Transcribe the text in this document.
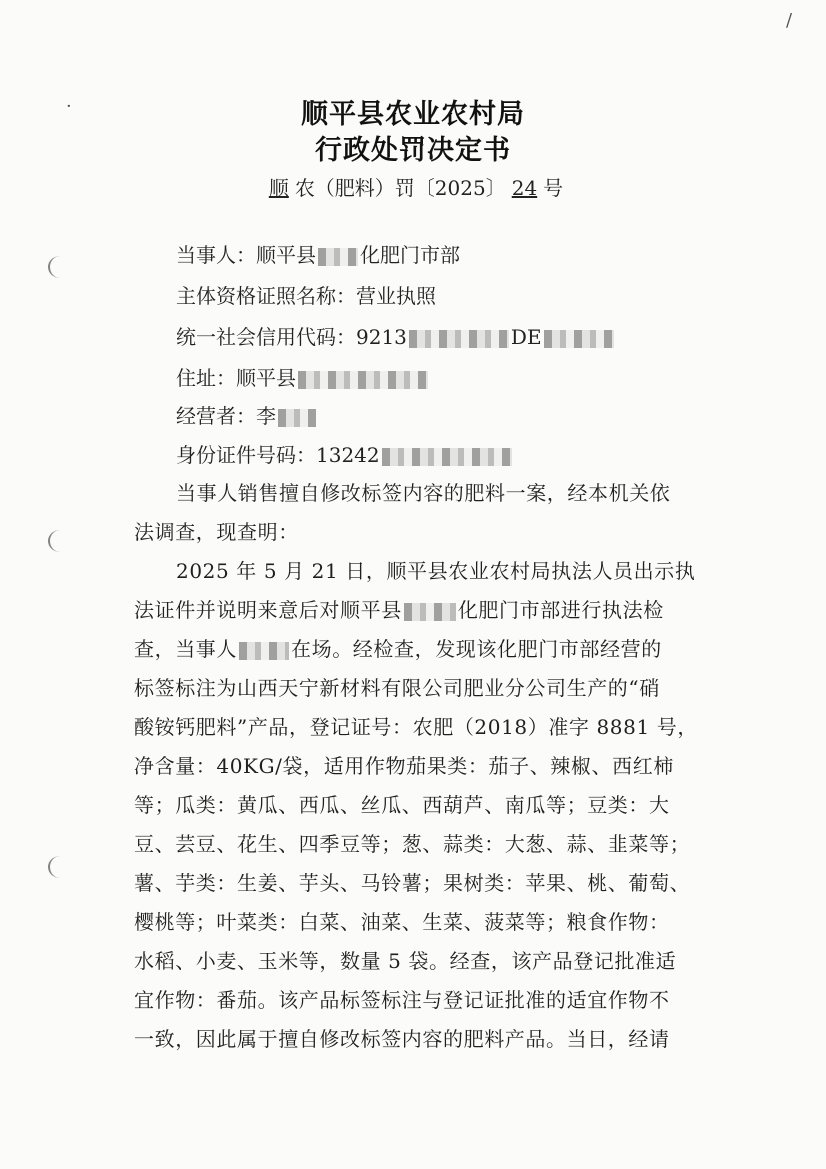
·
/
顺平县农业农村局
行政处罚决定书
顺 农（肥料）罚〔2025〕 24 号
当事人：顺平县 化肥门市部
主体资格证照名称：营业执照
统一社会信用代码：9213	DE
住址：顺平县
经营者：李
身份证件号码：13242
当事人销售擅自修改标签内容的肥料一案，经本机关依
法调查，现查明：
2025 年 5 月 21 日，顺平县农业农村局执法人员出示执
法证件并说明来意后对顺平县	化肥门市部进行执法检
查，当事人	在场。经检查，发现该化肥门市部经营的
标签标注为山西天宁新材料有限公司肥业分公司生产的“硝
酸铵钙肥料”产品，登记证号：农肥（2018）准字 8881 号，
净含量：40KG/袋，适用作物茄果类：茄子、辣椒、西红柿
等；瓜类：黄瓜、西瓜、丝瓜、西葫芦、南瓜等；豆类：大
豆、芸豆、花生、四季豆等；葱、蒜类：大葱、蒜、韭菜等；
薯、芋类：生姜、芋头、马铃薯；果树类：苹果、桃、葡萄、
樱桃等；叶菜类：白菜、油菜、生菜、菠菜等；粮食作物：
水稻、小麦、玉米等，数量 5 袋。经查，该产品登记批准适
宜作物：番茄。该产品标签标注与登记证批准的适宜作物不
一致，因此属于擅自修改标签内容的肥料产品。当日，经请
